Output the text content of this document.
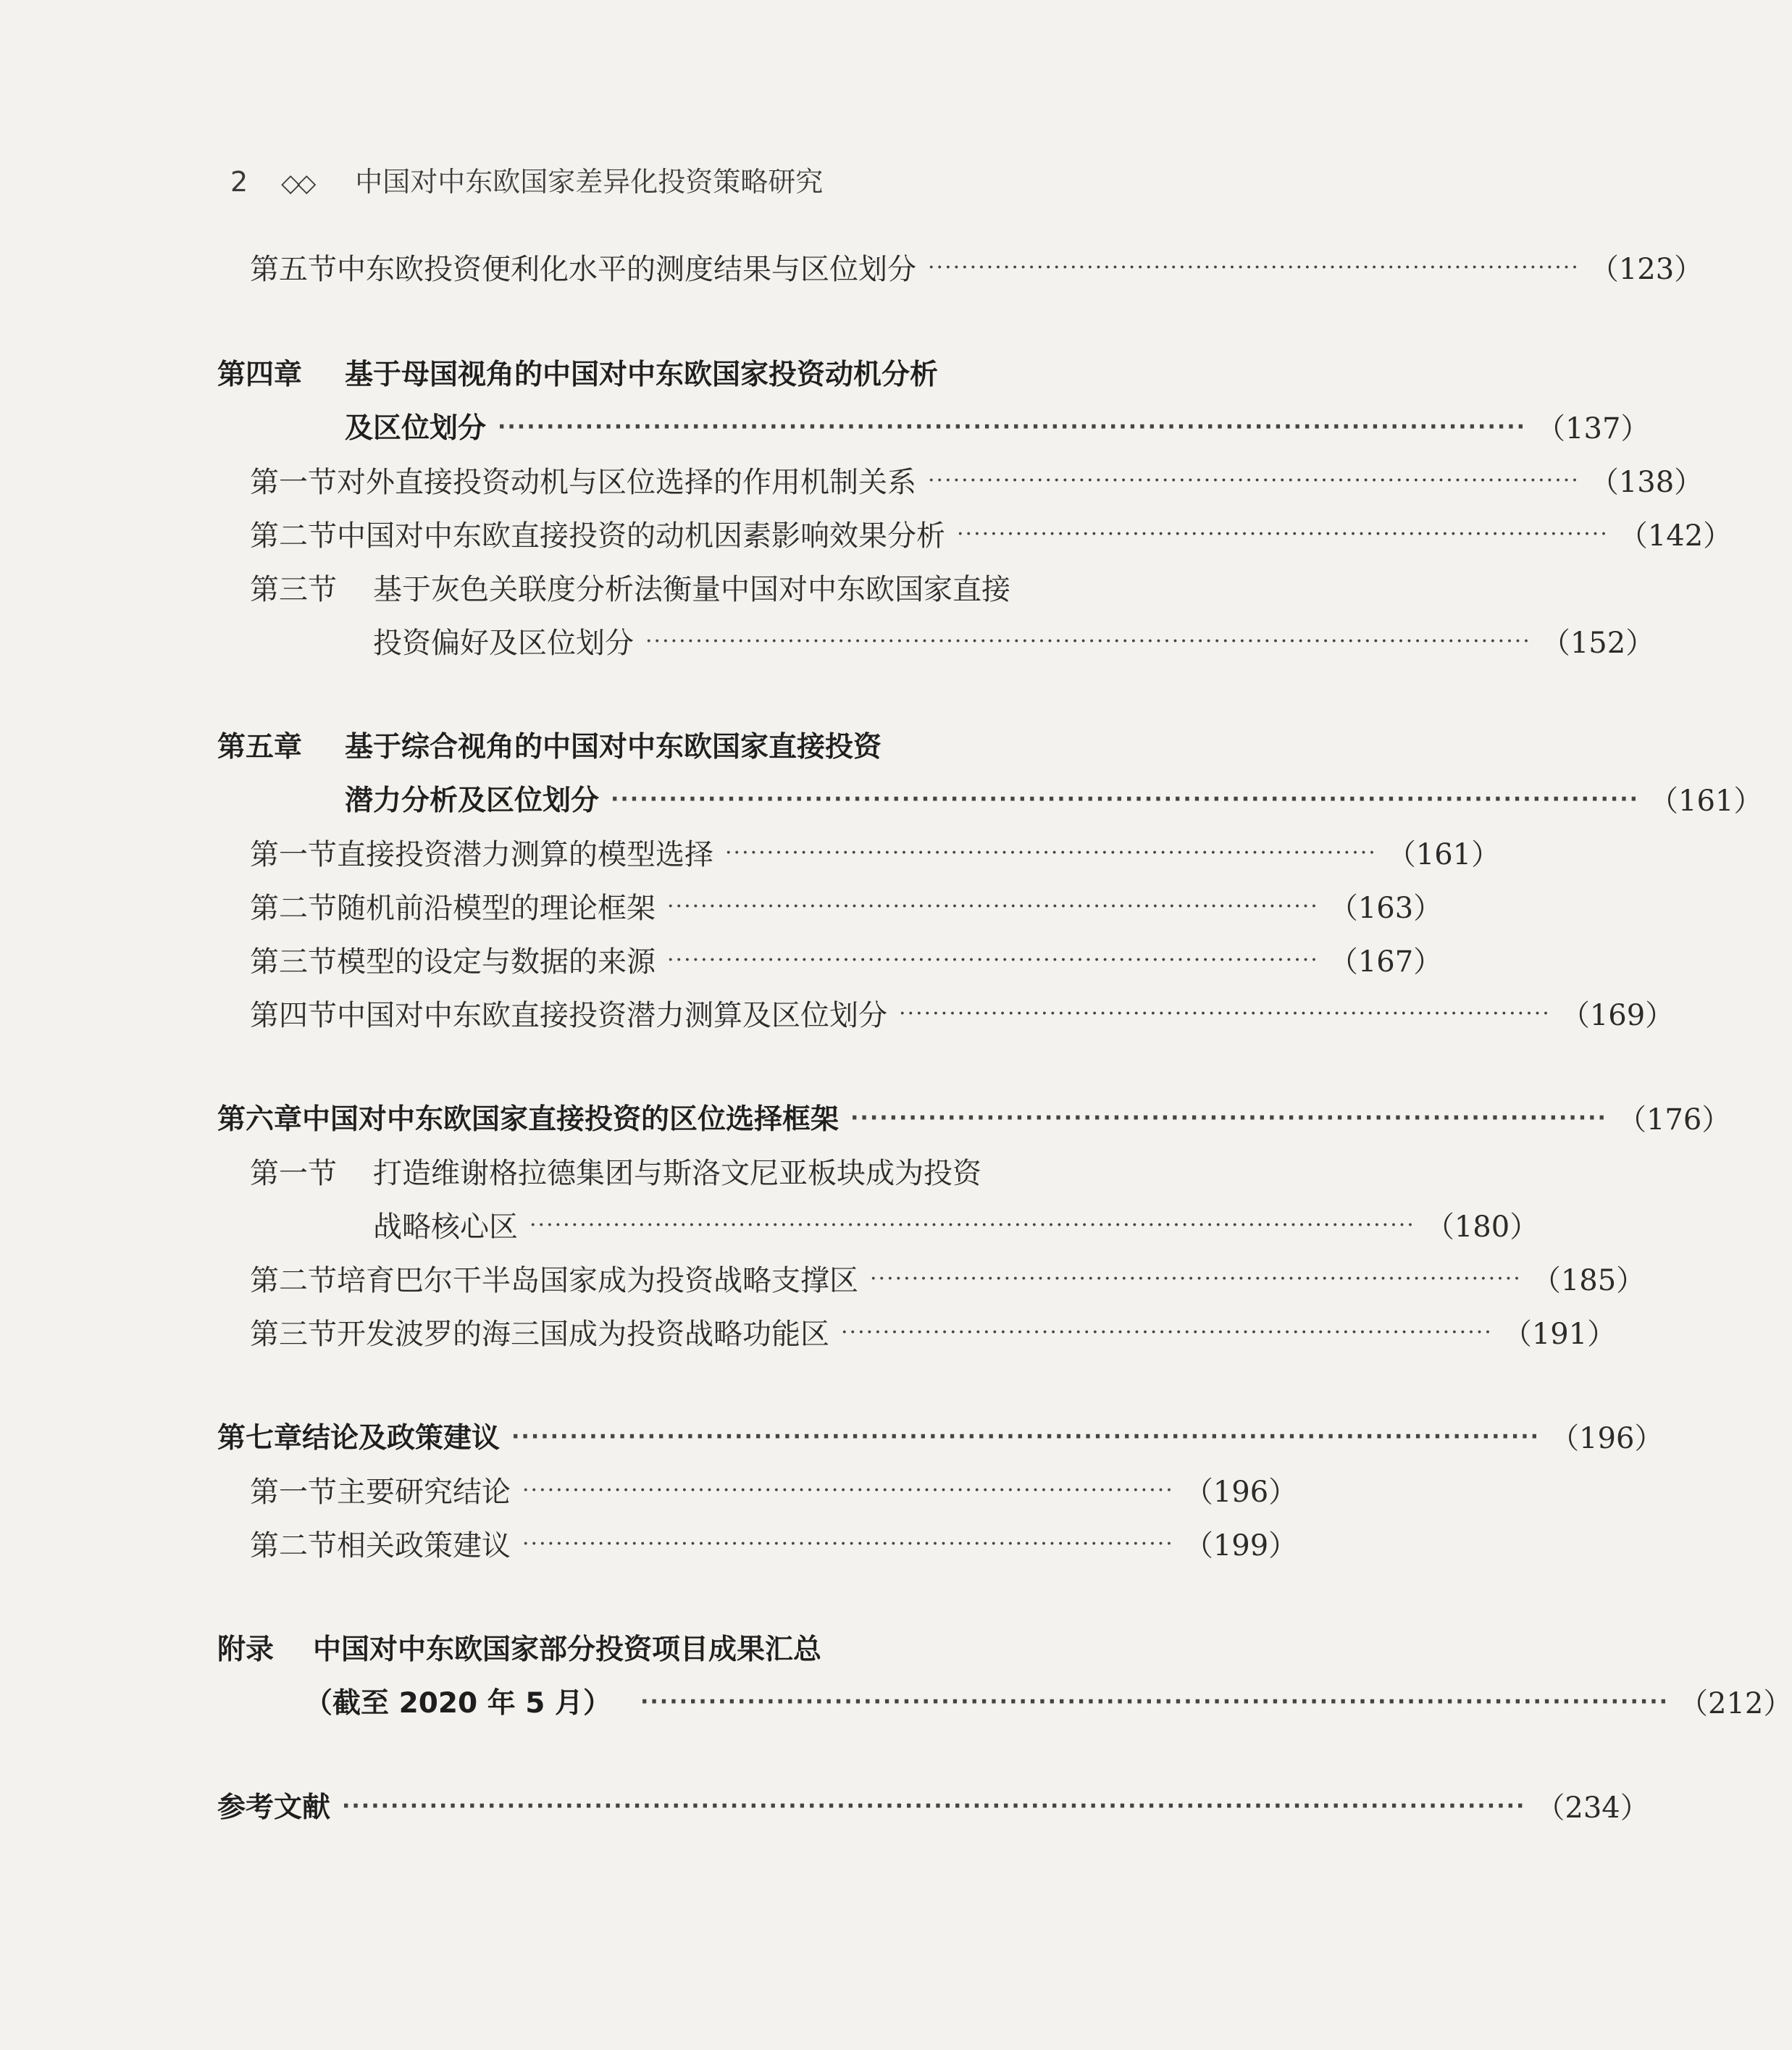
2 ◇◇ 中国对中东欧国家差异化投资策略研究
第五节 中东欧投资便利化水平的测度结果与区位划分 ·············································································· （123）
第四章	基于母国视角的中国对中东欧国家投资动机分析
及区位划分 ·········································································································· （137）
第一节 对外直接投资动机与区位选择的作用机制关系 ·············································································· （138）
第二节 中国对中东欧直接投资的动机因素影响效果分析 ·············································································· （142）
第三节	基于灰色关联度分析法衡量中国对中东欧国家直接
投资偏好及区位划分 ·········································································································· （152）
第五章	基于综合视角的中国对中东欧国家直接投资
潜力分析及区位划分 ·········································································································· （161）
第一节 直接投资潜力测算的模型选择 ·············································································· （161）
第二节 随机前沿模型的理论框架 ·············································································· （163）
第三节 模型的设定与数据的来源 ·············································································· （167）
第四节 中国对中东欧直接投资潜力测算及区位划分 ·············································································· （169）
第六章 中国对中东欧国家直接投资的区位选择框架 ·············································································· （176）
第一节	打造维谢格拉德集团与斯洛文尼亚板块成为投资
战略核心区 ·········································································································· （180）
第二节 培育巴尔干半岛国家成为投资战略支撑区 ·············································································· （185）
第三节 开发波罗的海三国成为投资战略功能区 ·············································································· （191）
第七章 结论及政策建议 ·········································································································· （196）
第一节 主要研究结论 ·············································································· （196）
第二节 相关政策建议 ·············································································· （199）
附录	中国对中东欧国家部分投资项目成果汇总
（截至 2020 年 5 月） ·········································································································· （212）
参考文献 ·························································································································· （234）
